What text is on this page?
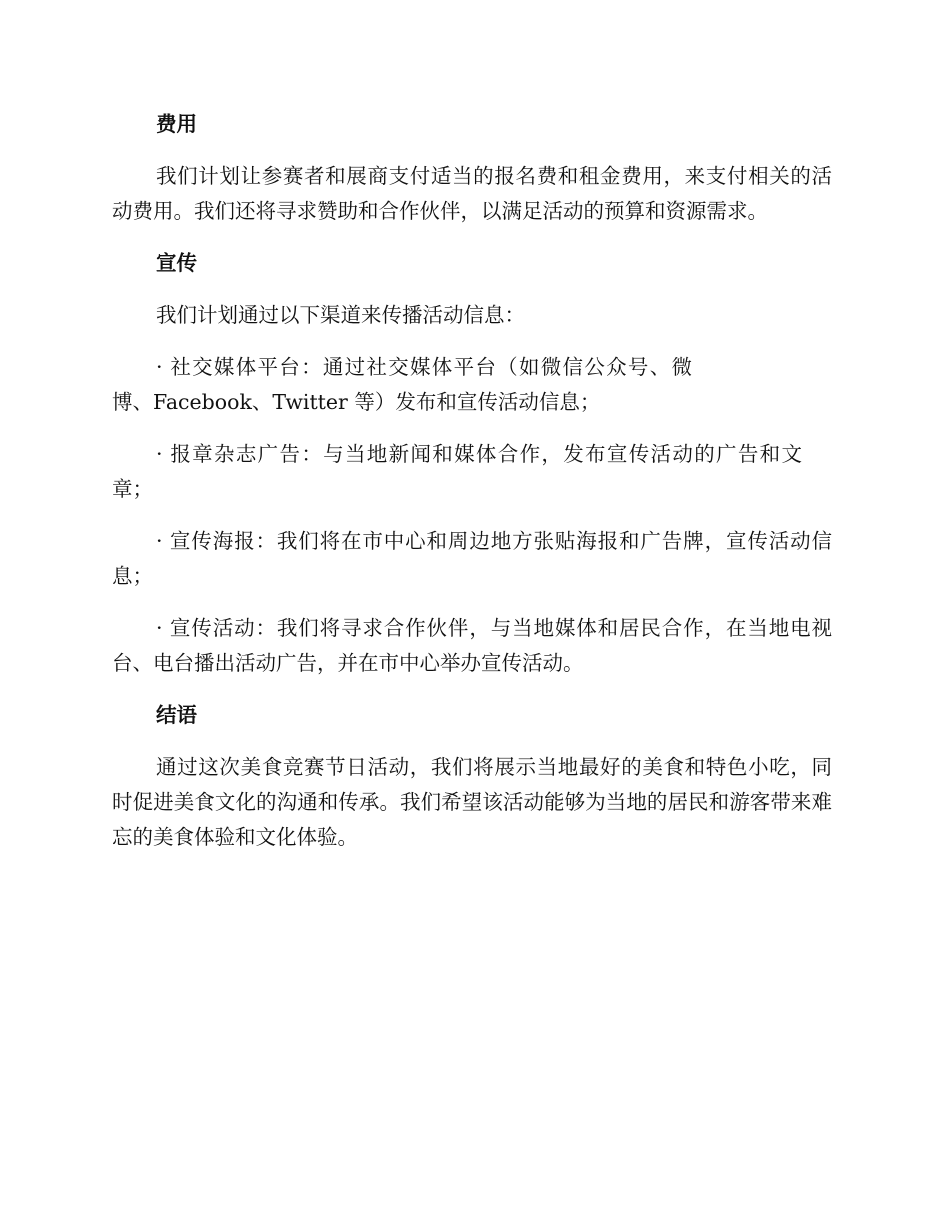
费用

我们计划让参赛者和展商支付适当的报名费和租金费用，来支付相关的活动费用。我们还将寻求赞助和合作伙伴，以满足活动的预算和资源需求。

宣传

我们计划通过以下渠道来传播活动信息：

· 社交媒体平台：通过社交媒体平台（如微信公众号、微博、Facebook、Twitter 等）发布和宣传活动信息；

· 报章杂志广告：与当地新闻和媒体合作，发布宣传活动的广告和文章；

· 宣传海报：我们将在市中心和周边地方张贴海报和广告牌，宣传活动信息；

· 宣传活动：我们将寻求合作伙伴，与当地媒体和居民合作，在当地电视台、电台播出活动广告，并在市中心举办宣传活动。

结语

通过这次美食竞赛节日活动，我们将展示当地最好的美食和特色小吃，同时促进美食文化的沟通和传承。我们希望该活动能够为当地的居民和游客带来难忘的美食体验和文化体验。
